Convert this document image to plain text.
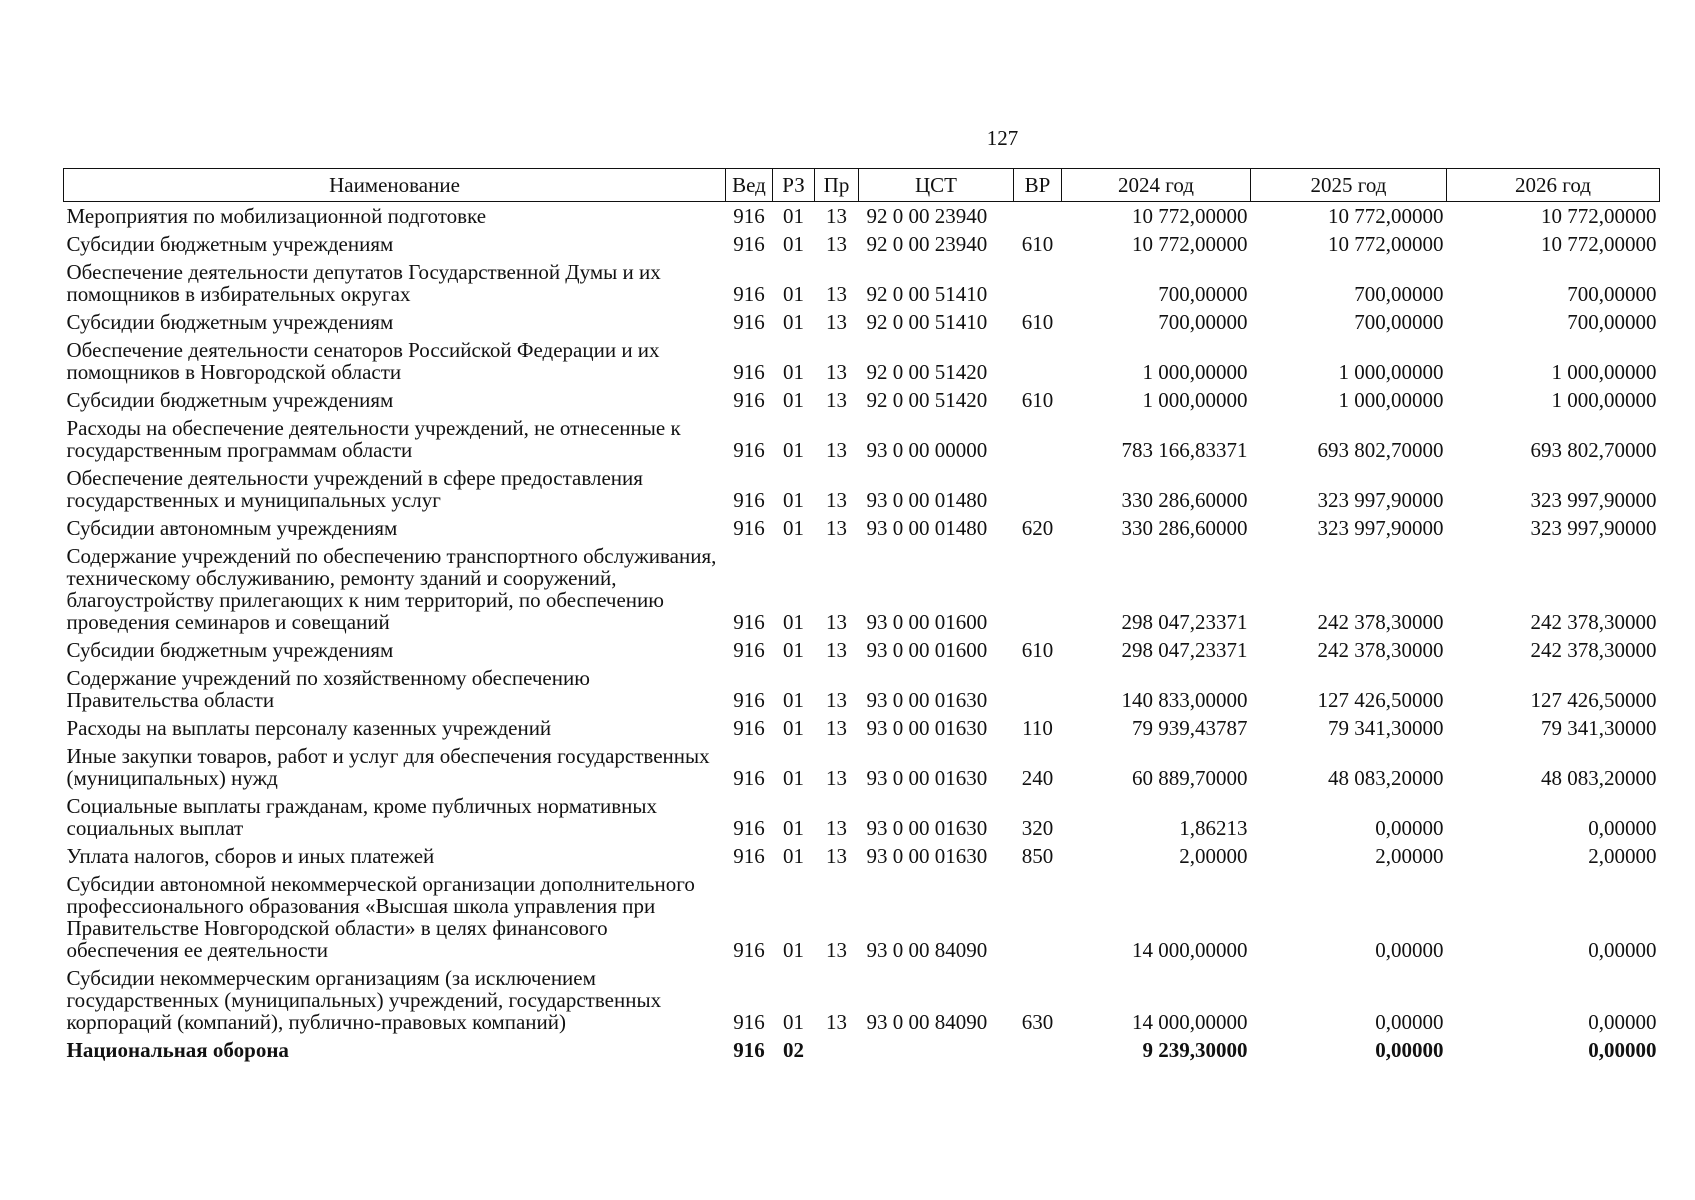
127
Наименование	Вед	РЗ	Пр	ЦСТ	ВР	2024 год	2025 год	2026 год
Мероприятия по мобилизационной подготовке	916	01	13	92 0 00 23940		10 772,00000	10 772,00000	10 772,00000
Субсидии бюджетным учреждениям	916	01	13	92 0 00 23940	610	10 772,00000	10 772,00000	10 772,00000
Обеспечение деятельности депутатов Государственной Думы и их помощников в избирательных округах	916	01	13	92 0 00 51410		700,00000	700,00000	700,00000
Субсидии бюджетным учреждениям	916	01	13	92 0 00 51410	610	700,00000	700,00000	700,00000
Обеспечение деятельности сенаторов Российской Федерации и их помощников в Новгородской области	916	01	13	92 0 00 51420		1 000,00000	1 000,00000	1 000,00000
Субсидии бюджетным учреждениям	916	01	13	92 0 00 51420	610	1 000,00000	1 000,00000	1 000,00000
Расходы на обеспечение деятельности учреждений, не отнесенные к государственным программам области	916	01	13	93 0 00 00000		783 166,83371	693 802,70000	693 802,70000
Обеспечение деятельности учреждений в сфере предоставления государственных и муниципальных услуг	916	01	13	93 0 00 01480		330 286,60000	323 997,90000	323 997,90000
Субсидии автономным учреждениям	916	01	13	93 0 00 01480	620	330 286,60000	323 997,90000	323 997,90000
Содержание учреждений по обеспечению транспортного обслуживания, техническому обслуживанию, ремонту зданий и сооружений, благоустройству прилегающих к ним территорий, по обеспечению проведения семинаров и совещаний	916	01	13	93 0 00 01600		298 047,23371	242 378,30000	242 378,30000
Субсидии бюджетным учреждениям	916	01	13	93 0 00 01600	610	298 047,23371	242 378,30000	242 378,30000
Содержание учреждений по хозяйственному обеспечению Правительства области	916	01	13	93 0 00 01630		140 833,00000	127 426,50000	127 426,50000
Расходы на выплаты персоналу казенных учреждений	916	01	13	93 0 00 01630	110	79 939,43787	79 341,30000	79 341,30000
Иные закупки товаров, работ и услуг для обеспечения государственных (муниципальных) нужд	916	01	13	93 0 00 01630	240	60 889,70000	48 083,20000	48 083,20000
Социальные выплаты гражданам, кроме публичных нормативных социальных выплат	916	01	13	93 0 00 01630	320	1,86213	0,00000	0,00000
Уплата налогов, сборов и иных платежей	916	01	13	93 0 00 01630	850	2,00000	2,00000	2,00000
Субсидии автономной некоммерческой организации дополнительного профессионального образования «Высшая школа управления при Правительстве Новгородской области» в целях финансового обеспечения ее деятельности	916	01	13	93 0 00 84090		14 000,00000	0,00000	0,00000
Субсидии некоммерческим организациям (за исключением государственных (муниципальных) учреждений, государственных корпораций (компаний), публично-правовых компаний)	916	01	13	93 0 00 84090	630	14 000,00000	0,00000	0,00000
Национальная оборона	916	02				9 239,30000	0,00000	0,00000
